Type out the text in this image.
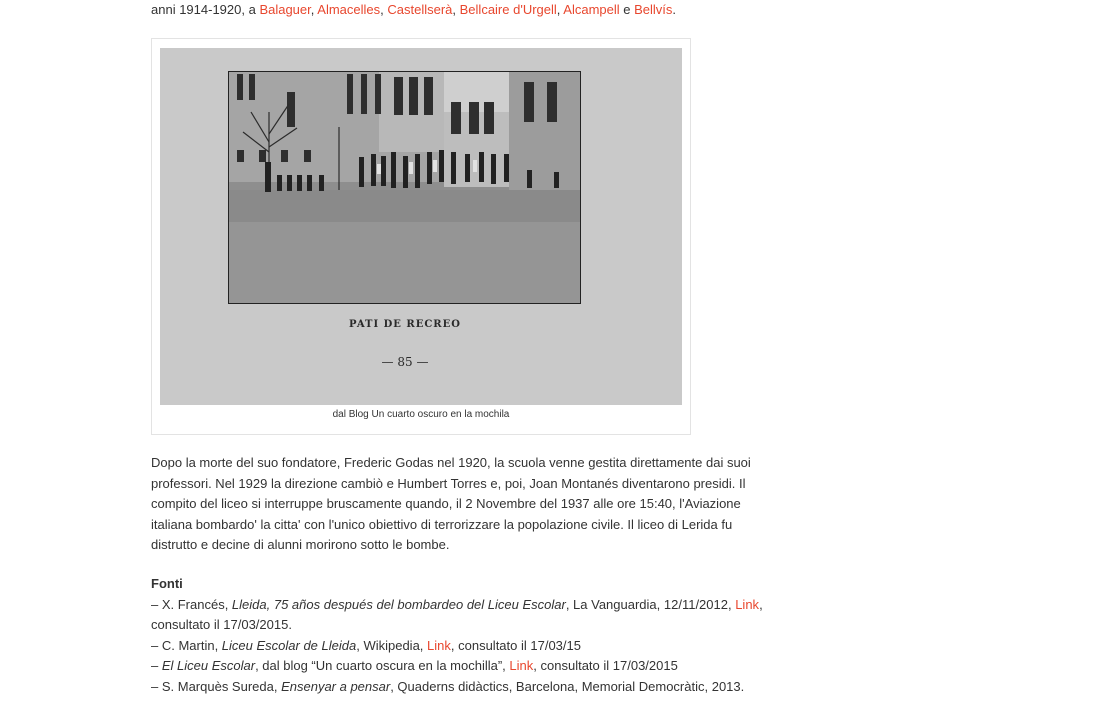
anni 1914-1920, a Balaguer, Almacelles, Castellserà, Bellcaire d'Urgell, Alcampell e Bellvís.
PATI DE RECREO
— 85 —
dal Blog Un cuarto oscuro en la mochila

Dopo la morte del suo fondatore, Frederic Godas nel 1920, la scuola venne gestita direttamente dai suoi

professori. Nel 1929 la direzione cambiò e Humbert Torres e, poi, Joan Montanés diventarono presidi. Il

compito del liceo si interruppe bruscamente quando, il 2 Novembre del 1937 alle ore 15:40, l'Aviazione

italiana bombardo' la citta' con l'unico obiettivo di terrorizzare la popolazione civile. Il liceo di Lerida fu

distrutto e decine di alunni morirono sotto le bombe.

Fonti
– X. Francés, Lleida, 75 años después del bombardeo del Liceu Escolar, La Vanguardia, 12/11/2012, Link,
consultato il 17/03/2015.
– C. Martin, Liceu Escolar de Lleida, Wikipedia, Link, consultato il 17/03/15
– El Liceu Escolar, dal blog “Un cuarto oscura en la mochilla”, Link, consultato il 17/03/2015
– S. Marquès Sureda, Ensenyar a pensar, Quaderns didàctics, Barcelona, Memorial Democràtic, 2013.
